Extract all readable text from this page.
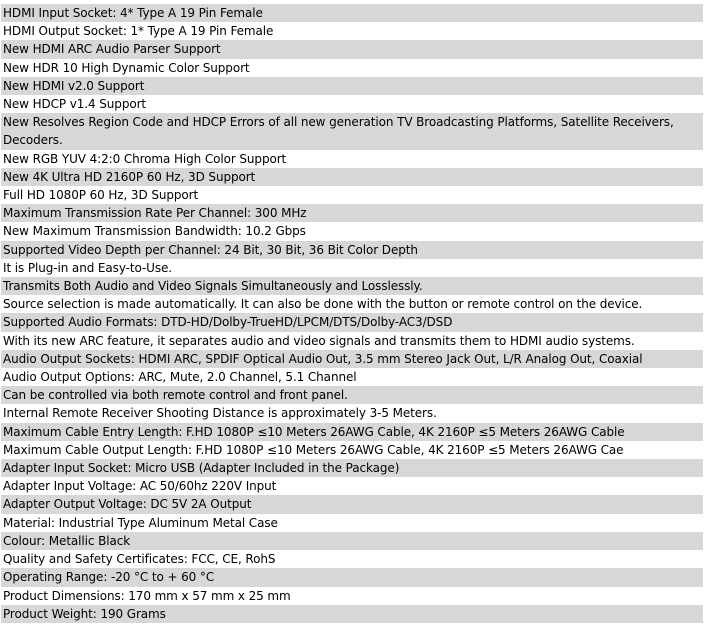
HDMI Input Socket: 4* Type A 19 Pin Female
HDMI Output Socket: 1* Type A 19 Pin Female
New HDMI ARC Audio Parser Support
New HDR 10 High Dynamic Color Support
New HDMI v2.0 Support
New HDCP v1.4 Support
New Resolves Region Code and HDCP Errors of all new generation TV Broadcasting Platforms, Satellite Receivers, Decoders.
New RGB YUV 4:2:0 Chroma High Color Support
New 4K Ultra HD 2160P 60 Hz, 3D Support
Full HD 1080P 60 Hz, 3D Support
Maximum Transmission Rate Per Channel: 300 MHz
New Maximum Transmission Bandwidth: 10.2 Gbps
Supported Video Depth per Channel: 24 Bit, 30 Bit, 36 Bit Color Depth
It is Plug-in and Easy-to-Use.
Transmits Both Audio and Video Signals Simultaneously and Losslessly.
Source selection is made automatically. It can also be done with the button or remote control on the device.
Supported Audio Formats: DTD-HD/Dolby-TrueHD/LPCM/DTS/Dolby-AC3/DSD
With its new ARC feature, it separates audio and video signals and transmits them to HDMI audio systems.
Audio Output Sockets: HDMI ARC, SPDIF Optical Audio Out, 3.5 mm Stereo Jack Out, L/R Analog Out, Coaxial
Audio Output Options: ARC, Mute, 2.0 Channel, 5.1 Channel
Can be controlled via both remote control and front panel.
Internal Remote Receiver Shooting Distance is approximately 3-5 Meters.
Maximum Cable Entry Length: F.HD 1080P ≤10 Meters 26AWG Cable, 4K 2160P ≤5 Meters 26AWG Cable
Maximum Cable Output Length: F.HD 1080P ≤10 Meters 26AWG Cable, 4K 2160P ≤5 Meters 26AWG Cae
Adapter Input Socket: Micro USB (Adapter Included in the Package)
Adapter Input Voltage: AC 50/60hz 220V Input
Adapter Output Voltage: DC 5V 2A Output
Material: Industrial Type Aluminum Metal Case
Colour: Metallic Black
Quality and Safety Certificates: FCC, CE, RohS
Operating Range: -20 °C to + 60 °C
Product Dimensions: 170 mm x 57 mm x 25 mm
Product Weight: 190 Grams
